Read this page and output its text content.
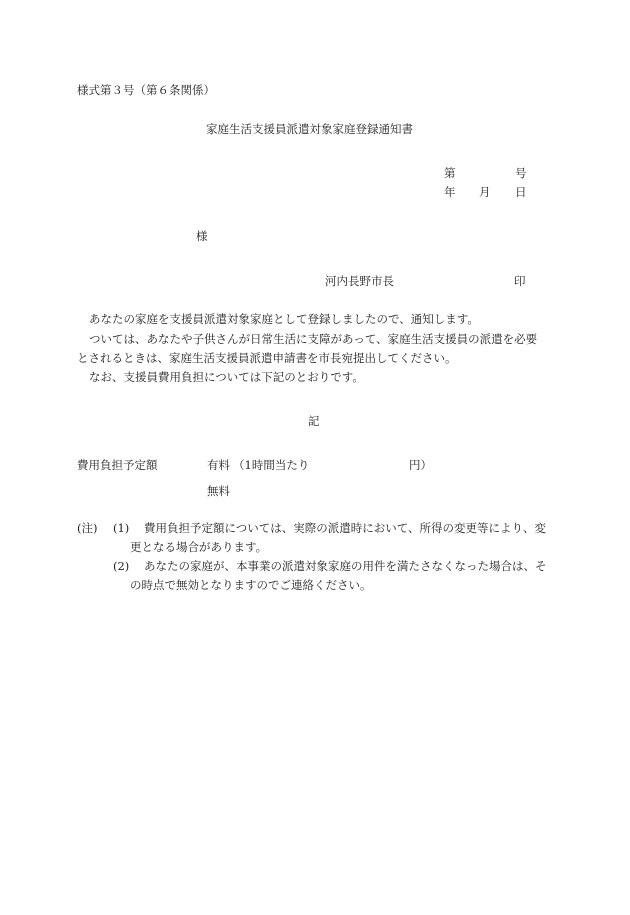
様式第３号（第６条関係）
家庭生活支援員派遣対象家庭登録通知書
第	号
年 月 日
様
河内長野市長	印
あなたの家庭を支援員派遣対象家庭として登録しましたので、通知します。
ついては、あなたや子供さんが日常生活に支障があって、家庭生活支援員の派遣を必要
とされるときは、家庭生活支援員派遣申請書を市長宛提出してください。
なお、支援員費用負担については下記のとおりです。
記
費用負担予定額	有料 （1時間当たり	円）
無料
(注) (1) 費用負担予定額については、実際の派遣時において、所得の変更等により、変
更となる場合があります。
(2) あなたの家庭が、本事業の派遣対象家庭の用件を満たさなくなった場合は、そ
の時点で無効となりますのでご連絡ください。
